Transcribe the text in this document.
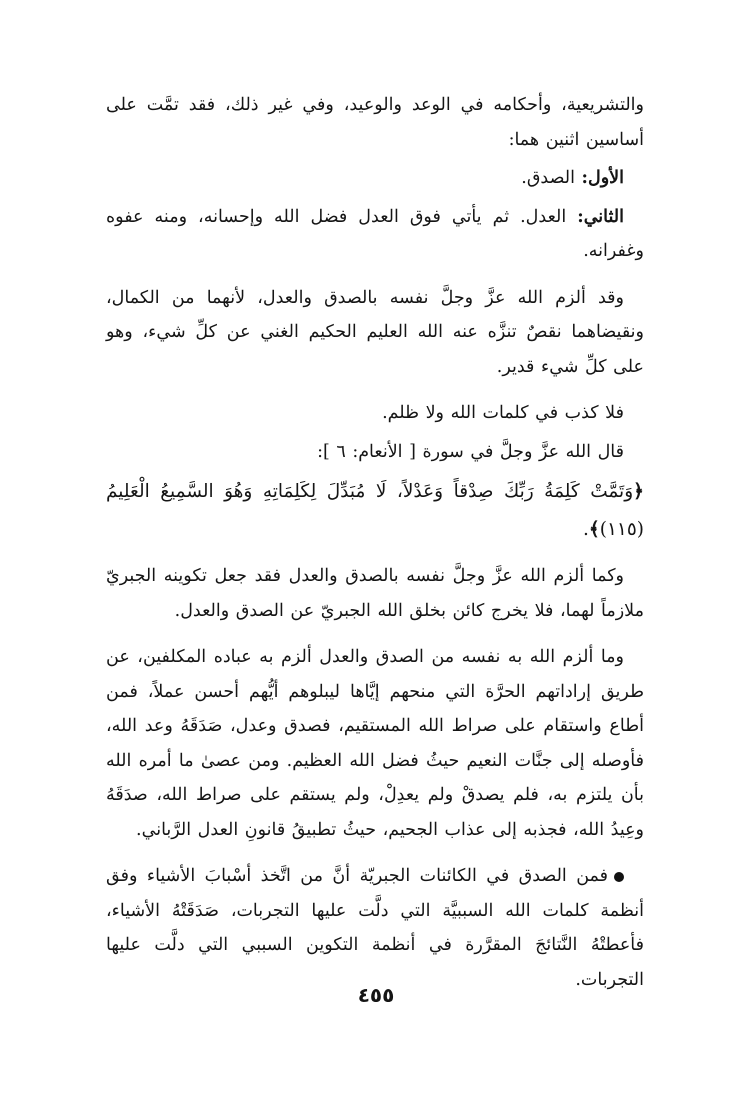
والتشريعية، وأحكامه في الوعد والوعيد، وفي غير ذلك، فقد تمَّت على أساسين اثنين هما:

الأول: الصدق.

الثاني: العدل. ثم يأتي فوق العدل فضل الله وإحسانه، ومنه عفوه وغفرانه.

وقد ألزم الله عزَّ وجلَّ نفسه بالصدق والعدل، لأنهما من الكمال، ونقيضاهما نقصٌ تنزَّه عنه الله العليم الحكيم الغني عن كلِّ شيء، وهو على كلِّ شيء قدير.

فلا كذب في كلمات الله ولا ظلم.

قال الله عزَّ وجلَّ في سورة [ الأنعام: ٦ ]:

﴿وَتَمَّتْ كَلِمَةُ رَبِّكَ صِدْقاً وَعَدْلاً، لَا مُبَدِّلَ لِكَلِمَاتِهِ وَهُوَ السَّمِيعُ الْعَلِيمُ (١١٥)﴾.

وكما ألزم الله عزَّ وجلَّ نفسه بالصدق والعدل فقد جعل تكوينه الجبريّ ملازماً لهما، فلا يخرج كائن بخلق الله الجبريّ عن الصدق والعدل.

وما ألزم الله به نفسه من الصدق والعدل ألزم به عباده المكلفين، عن طريق إراداتهم الحرَّة التي منحهم إيَّاها ليبلوهم أيُّهم أحسن عملاً، فمن أطاع واستقام على صراط الله المستقيم، فصدق وعدل، صَدَقَهُ وعد الله، فأوصله إلى جنَّات النعيم حيثُ فضل الله العظيم. ومن عصىٰ ما أمره الله بأن يلتزم به، فلم يصدقْ ولم يعدِلْ، ولم يستقم على صراط الله، صدَقَهُ وعِيدُ الله، فجذبه إلى عذاب الجحيم، حيثُ تطبيقُ قانونِ العدل الرَّباني.

فمن الصدق في الكائنات الجبريّة أنَّ من اتَّخذ أسْبابَ الأشياء وفق أنظمة كلمات الله السببيَّة التي دلَّت عليها التجربات، صَدَقَتْهُ الأشياء، فأعطتْهُ النَّتائجَ المقرَّرة في أنظمة التكوين السببي التي دلَّت عليها التجربات.

٤٥٥
